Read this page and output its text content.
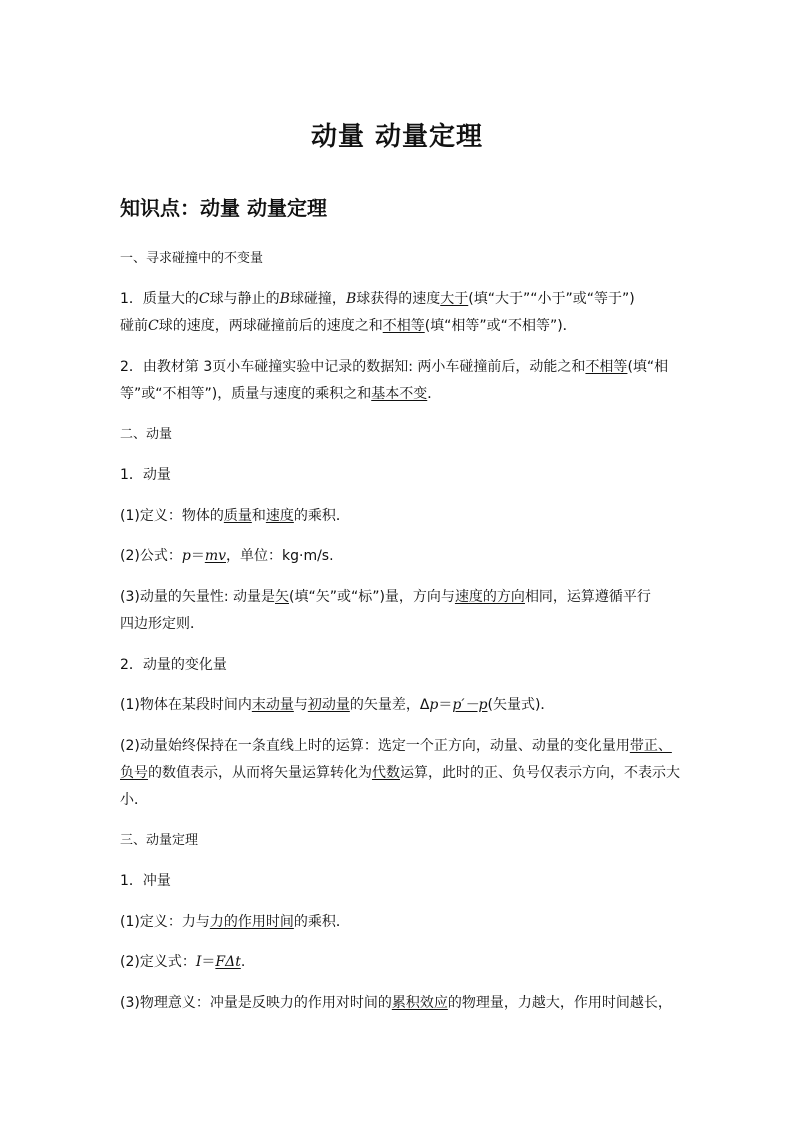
动量 动量定理
知识点：动量 动量定理
一、寻求碰撞中的不变量
1．质量大的C球与静止的B球碰撞，B球获得的速度大于(填“大于”“小于”或“等于”)
碰前C球的速度，两球碰撞前后的速度之和不相等(填“相等”或“不相等”)．
2．由教材第 3页小车碰撞实验中记录的数据知: 两小车碰撞前后，动能之和不相等(填“相
等”或“不相等”)，质量与速度的乘积之和基本不变．
二、动量
1．动量
(1)定义：物体的质量和速度的乘积．
(2)公式：p＝mv，单位：kg·m/s.
(3)动量的矢量性: 动量是矢(填“矢”或“标”)量，方向与速度的方向相同，运算遵循平行
四边形定则．
2．动量的变化量
(1)物体在某段时间内末动量与初动量的矢量差，Δp＝p′－p(矢量式)．
(2)动量始终保持在一条直线上时的运算：选定一个正方向，动量、动量的变化量用带正、
负号的数值表示，从而将矢量运算转化为代数运算，此时的正、负号仅表示方向，不表示大
小．
三、动量定理
1．冲量
(1)定义：力与力的作用时间的乘积．
(2)定义式：I＝FΔt.
(3)物理意义：冲量是反映力的作用对时间的累积效应的物理量，力越大，作用时间越长，
